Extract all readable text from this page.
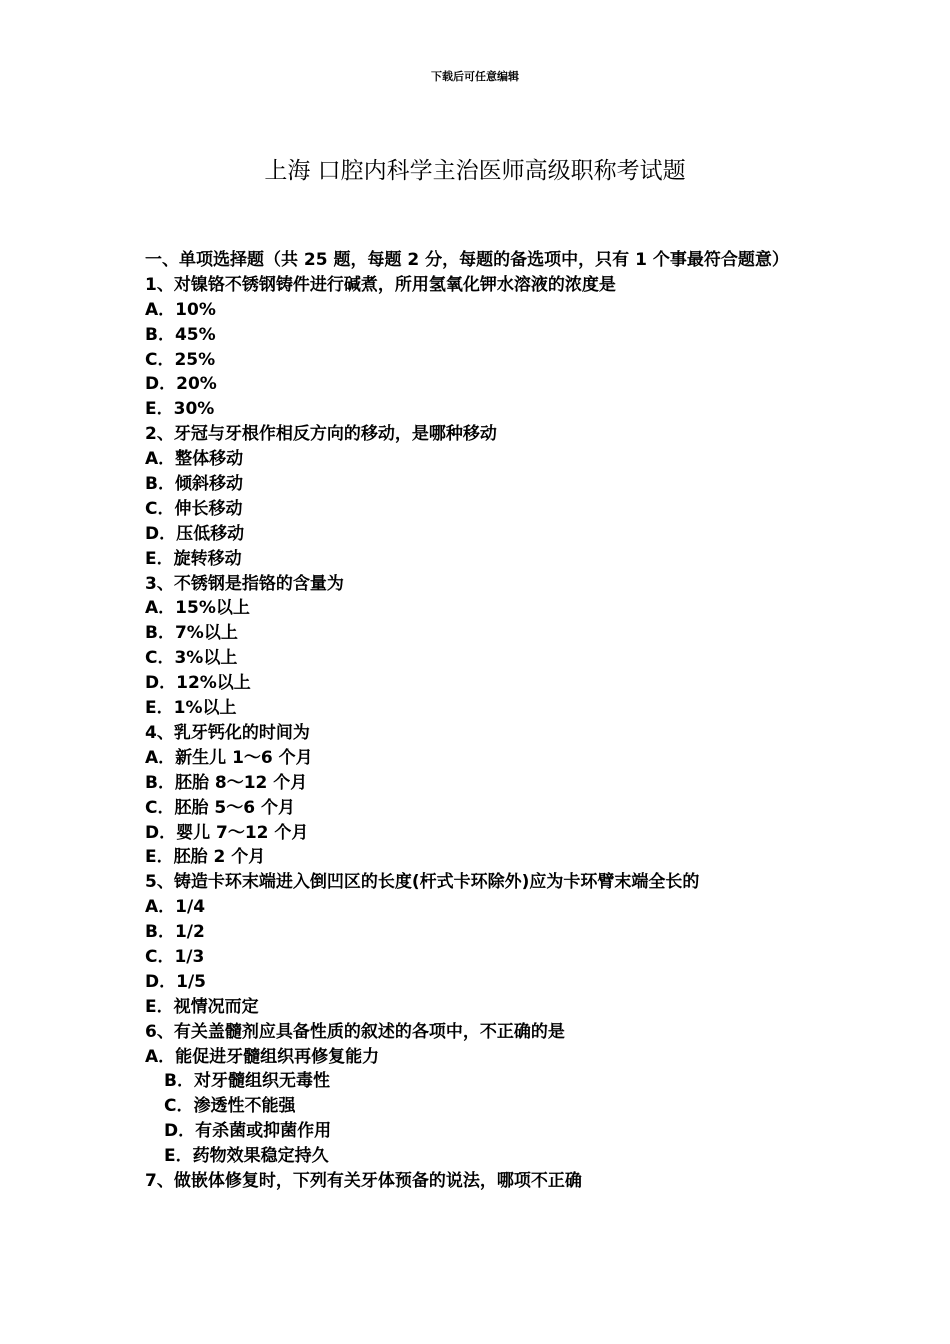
下载后可任意编辑
上海 口腔内科学主治医师高级职称考试题
一、单项选择题（共 25 题，每题 2 分，每题的备选项中，只有 1 个事最符合题意）
1、对镍铬不锈钢铸件进行碱煮，所用氢氧化钾水溶液的浓度是
A．10%
B．45%
C．25%
D．20%
E．30%
2、牙冠与牙根作相反方向的移动，是哪种移动
A．整体移动
B．倾斜移动
C．伸长移动
D．压低移动
E．旋转移动
3、不锈钢是指铬的含量为
A．15%以上
B．7%以上
C．3%以上
D．12%以上
E．1%以上
4、乳牙钙化的时间为
A．新生儿 1～6 个月
B．胚胎 8～12 个月
C．胚胎 5～6 个月
D．婴儿 7～12 个月
E．胚胎 2 个月
5、铸造卡环末端进入倒凹区的长度(杆式卡环除外)应为卡环臂末端全长的
A．1/4
B．1/2
C．1/3
D．1/5
E．视情况而定
6、有关盖髓剂应具备性质的叙述的各项中，不正确的是
A．能促进牙髓组织再修复能力
B．对牙髓组织无毒性
C．渗透性不能强
D．有杀菌或抑菌作用
E．药物效果稳定持久
7、做嵌体修复时，下列有关牙体预备的说法，哪项不正确
